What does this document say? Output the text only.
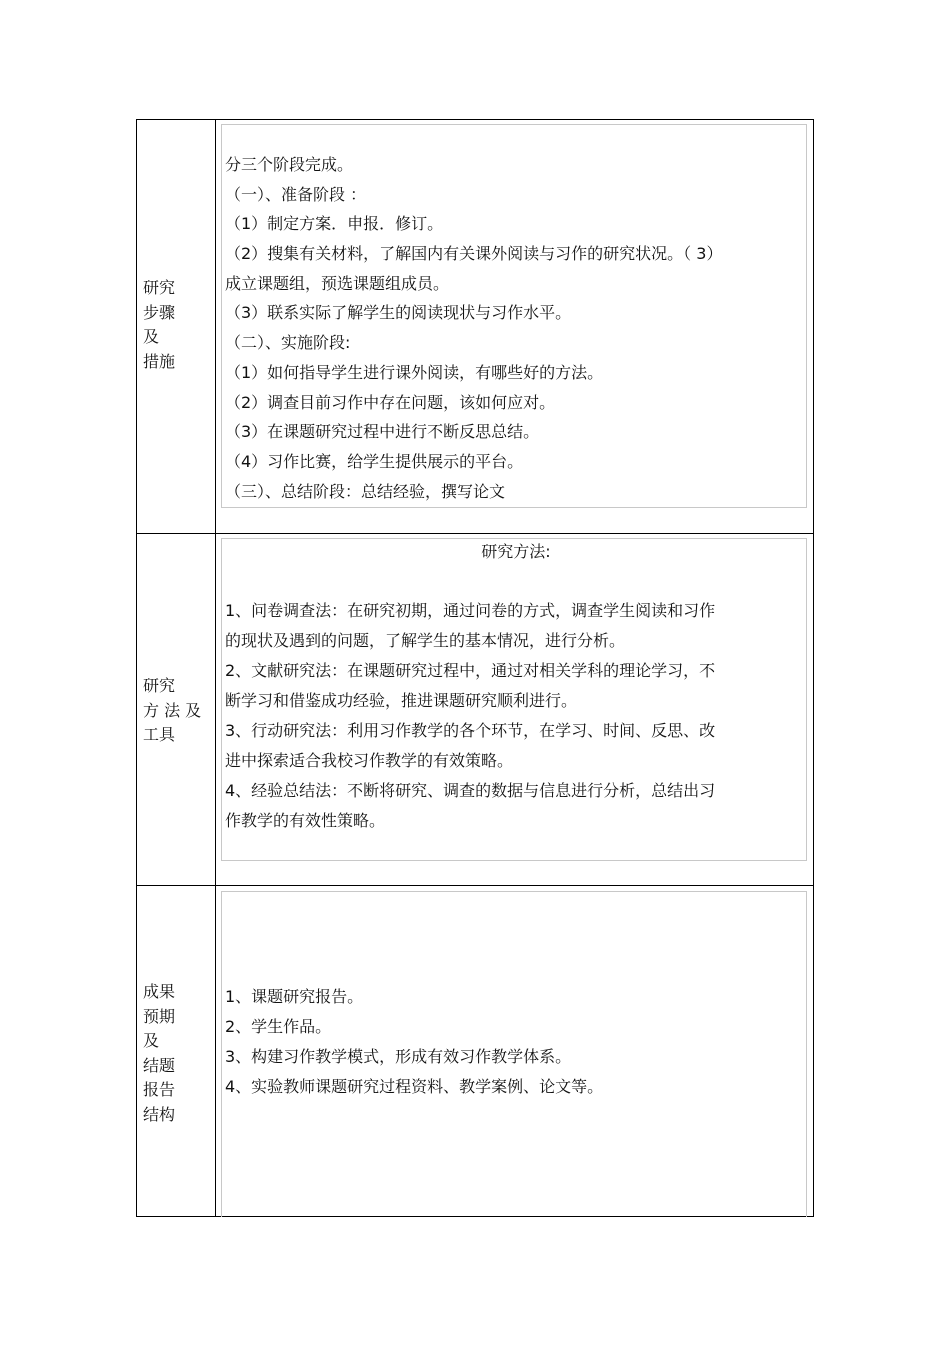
研究
步骤
及
措施
分三个阶段完成。
（一）、准备阶段 ：
（1）制定方案．申报．修订。
（2）搜集有关材料，了解国内有关课外阅读与习作的研究状况。（ 3）
成立课题组，预选课题组成员。
（3）联系实际了解学生的阅读现状与习作水平。
（二）、实施阶段:
（1）如何指导学生进行课外阅读，有哪些好的方法。
（2）调查目前习作中存在问题，该如何应对。
（3）在课题研究过程中进行不断反思总结。
（4）习作比赛，给学生提供展示的平台。
（三）、总结阶段：总结经验，撰写论文
研究
方 法 及
工具
研究方法:
1、问卷调查法：在研究初期，通过问卷的方式，调查学生阅读和习作
的现状及遇到的问题，了解学生的基本情况，进行分析。
2、文献研究法：在课题研究过程中，通过对相关学科的理论学习，不
断学习和借鉴成功经验，推进课题研究顺利进行。
3、行动研究法：利用习作教学的各个环节，在学习、时间、反思、改
进中探索适合我校习作教学的有效策略。
4、经验总结法：不断将研究、调查的数据与信息进行分析，总结出习
作教学的有效性策略。
成果
预期
及
结题
报告
结构
1、课题研究报告。
2、学生作品。
3、构建习作教学模式，形成有效习作教学体系。
4、实验教师课题研究过程资料、教学案例、论文等。
